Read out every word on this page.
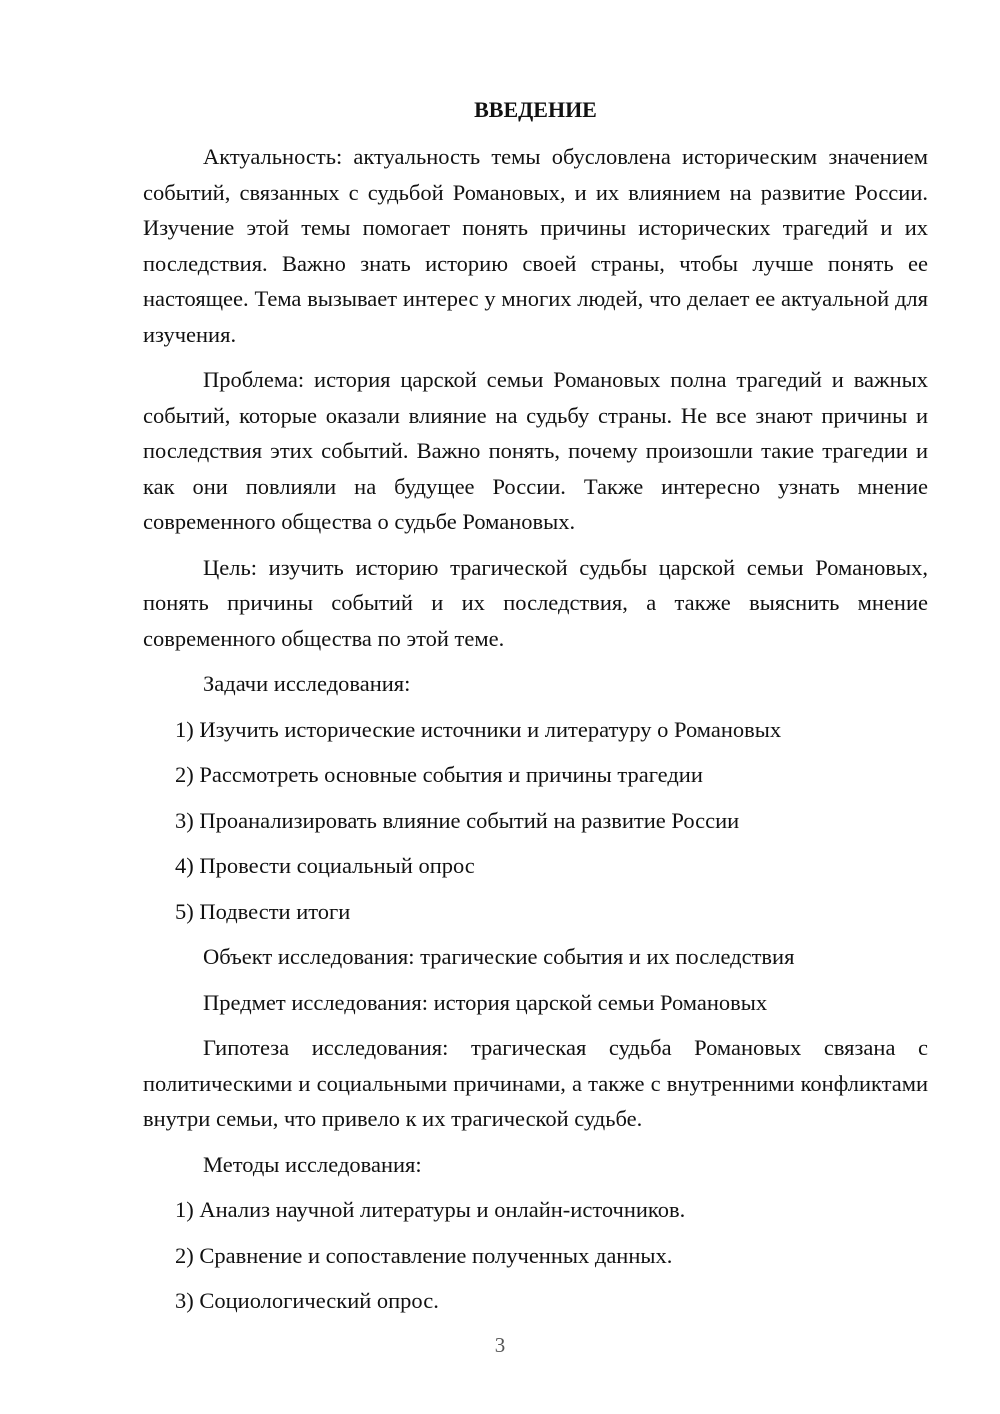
ВВЕДЕНИЕ

Актуальность: актуальность темы обусловлена историческим значением событий, связанных с судьбой Романовых, и их влиянием на развитие России. Изучение этой темы помогает понять причины исторических трагедий и их последствия. Важно знать историю своей страны, чтобы лучше понять ее настоящее. Тема вызывает интерес у многих людей, что делает ее актуальной для изучения.

Проблема: история царской семьи Романовых полна трагедий и важных событий, которые оказали влияние на судьбу страны. Не все знают причины и последствия этих событий. Важно понять, почему произошли такие трагедии и как они повлияли на будущее России. Также интересно узнать мнение современного общества о судьбе Романовых.

Цель: изучить историю трагической судьбы царской семьи Романовых, понять причины событий и их последствия, а также выяснить мнение современного общества по этой теме.

Задачи исследования:
1) Изучить исторические источники и литературу о Романовых
2) Рассмотреть основные события и причины трагедии
3) Проанализировать влияние событий на развитие России
4) Провести социальный опрос
5) Подвести итоги
Объект исследования: трагические события и их последствия
Предмет исследования: история царской семьи Романовых

Гипотеза исследования: трагическая судьба Романовых связана с политическими и социальными причинами, а также с внутренними конфликтами внутри семьи, что привело к их трагической судьбе.

Методы исследования:
1) Анализ научной литературы и онлайн-источников.
2) Сравнение и сопоставление полученных данных.
3) Социологический опрос.
3
